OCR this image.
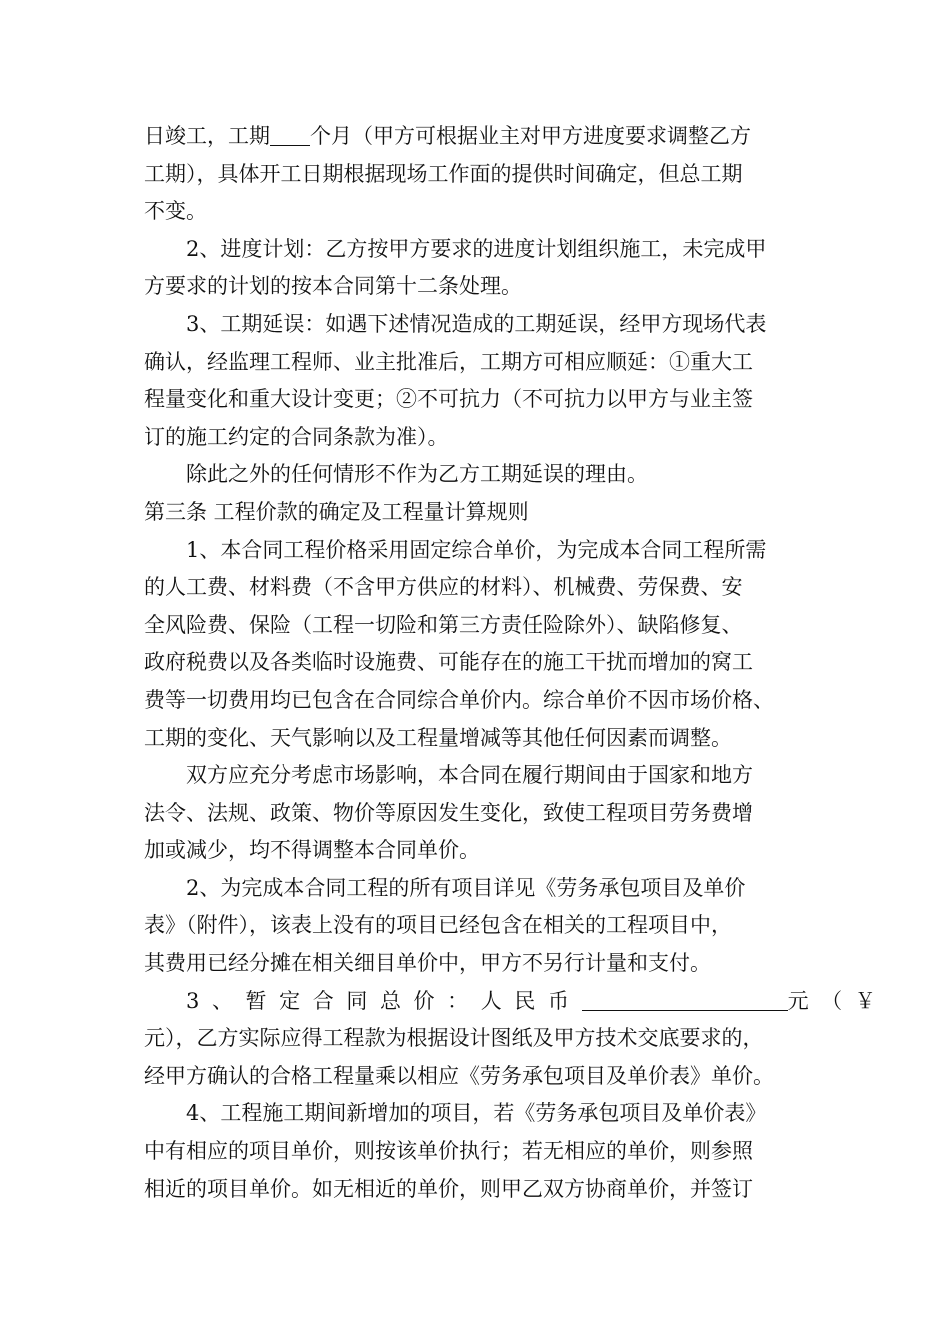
日竣工，工期 个月（甲方可根据业主对甲方进度要求调整乙方
工期），具体开工日期根据现场工作面的提供时间确定，但总工期
不变。
2、进度计划：乙方按甲方要求的进度计划组织施工，未完成甲
方要求的计划的按本合同第十二条处理。
3、工期延误：如遇下述情况造成的工期延误，经甲方现场代表
确认，经监理工程师、业主批准后，工期方可相应顺延：①重大工
程量变化和重大设计变更；②不可抗力（不可抗力以甲方与业主签
订的施工约定的合同条款为准）。
除此之外的任何情形不作为乙方工期延误的理由。
第三条 工程价款的确定及工程量计算规则
1、本合同工程价格采用固定综合单价，为完成本合同工程所需
的人工费、材料费（不含甲方供应的材料）、机械费、劳保费、安
全风险费、保险（工程一切险和第三方责任险除外）、缺陷修复、
政府税费以及各类临时设施费、可能存在的施工干扰而增加的窝工
费等一切费用均已包含在合同综合单价内。综合单价不因市场价格、
工期的变化、天气影响以及工程量增减等其他任何因素而调整。
双方应充分考虑市场影响，本合同在履行期间由于国家和地方
法令、法规、政策、物价等原因发生变化，致使工程项目劳务费增
加或减少，均不得调整本合同单价。
2、为完成本合同工程的所有项目详见《劳务承包项目及单价
表》（附件），该表上没有的项目已经包含在相关的工程项目中，
其费用已经分摊在相关细目单价中，甲方不另行计量和支付。
3、暂定合同总价：人民币	元（￥
元），乙方实际应得工程款为根据设计图纸及甲方技术交底要求的，
经甲方确认的合格工程量乘以相应《劳务承包项目及单价表》单价。
4、工程施工期间新增加的项目，若《劳务承包项目及单价表》
中有相应的项目单价，则按该单价执行；若无相应的单价，则参照
相近的项目单价。如无相近的单价，则甲乙双方协商单价，并签订
